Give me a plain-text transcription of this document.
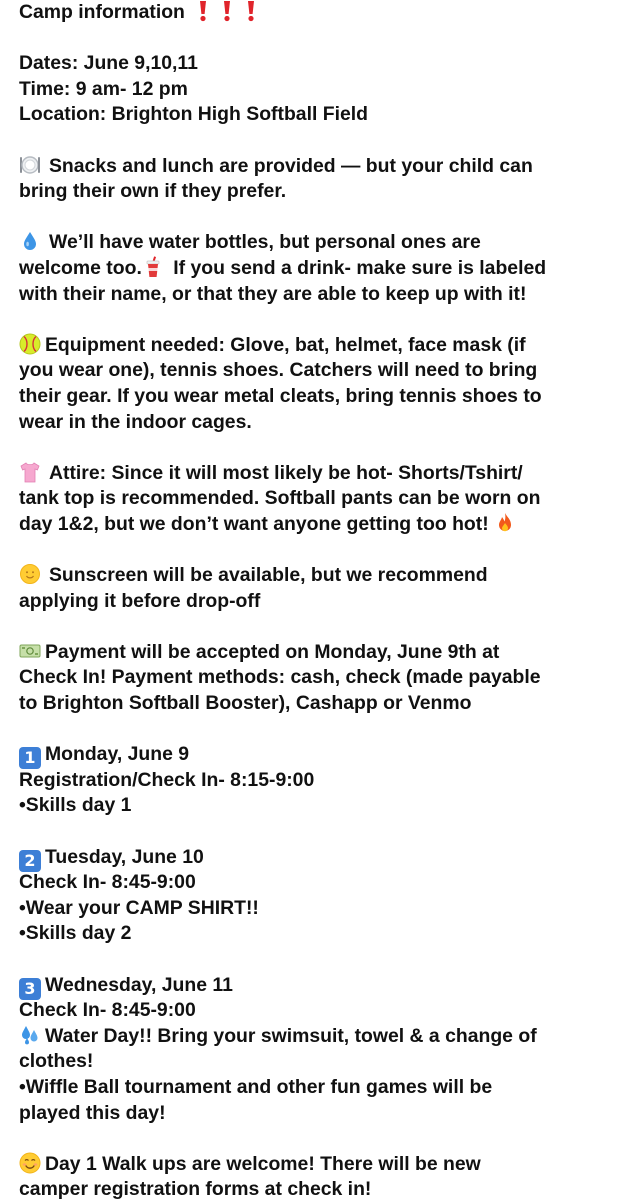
Camp information
Dates: June 9,10,11
Time: 9 am- 12 pm
Location: Brighton High Softball Field
Snacks and lunch are provided — but your child can
bring their own if they prefer.
We’ll have water bottles, but personal ones are
welcome too. If you send a drink- make sure is labeled
with their name, or that they are able to keep up with it!
Equipment needed: Glove, bat, helmet, face mask (if
you wear one), tennis shoes. Catchers will need to bring
their gear. If you wear metal cleats, bring tennis shoes to
wear in the indoor cages.
Attire: Since it will most likely be hot- Shorts/Tshirt/
tank top is recommended. Softball pants can be worn on
day 1&2, but we don’t want anyone getting too hot!
Sunscreen will be available, but we recommend
applying it before drop-off
Payment will be accepted on Monday, June 9th at
Check In! Payment methods: cash, check (made payable
to Brighton Softball Booster), Cashapp or Venmo
1 Monday, June 9
Registration/Check In- 8:15-9:00
•Skills day 1
2 Tuesday, June 10
Check In- 8:45-9:00
•Wear your CAMP SHIRT!!
•Skills day 2
3 Wednesday, June 11
Check In- 8:45-9:00
Water Day!! Bring your swimsuit, towel & a change of
clothes!
•Wiffle Ball tournament and other fun games will be
played this day!
Day 1 Walk ups are welcome! There will be new
camper registration forms at check in!
